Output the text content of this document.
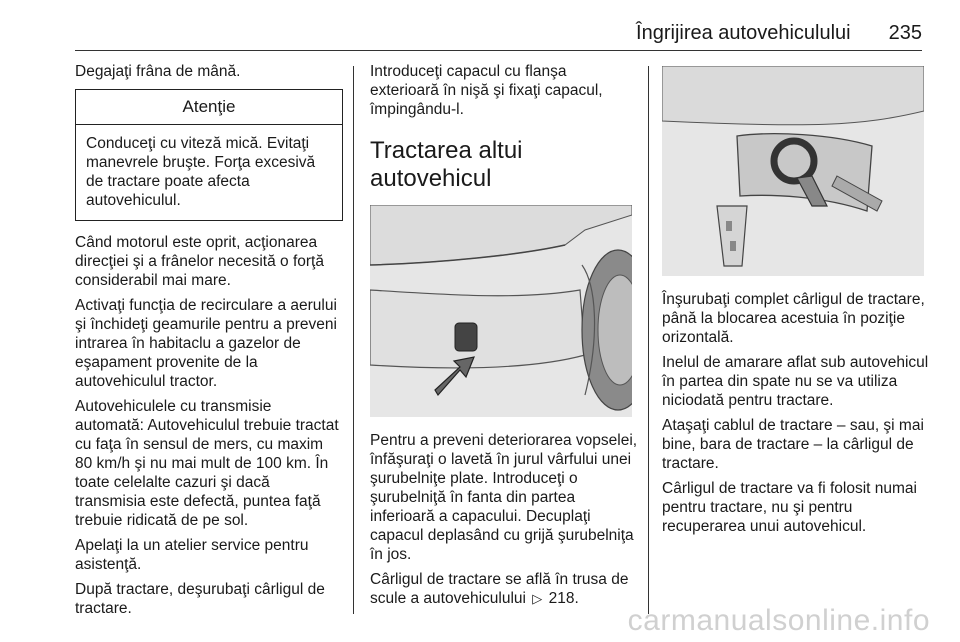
Îngrijirea autovehiculului 235

Degajaţi frâna de mână.

Atenţie
Conduceţi cu viteză mică. Evitaţi manevrele bruşte. Forţa excesivă de tractare poate afecta autovehiculul.

Când motorul este oprit, acţionarea direcţiei şi a frânelor necesită o forţă considerabil mai mare.

Activaţi funcţia de recirculare a aerului şi închideţi geamurile pentru a preveni intrarea în habitaclu a gazelor de eşapament provenite de la autovehiculul tractor.

Autovehiculele cu transmisie automată: Autovehiculul trebuie tractat cu faţa în sensul de mers, cu maxim 80 km/h şi nu mai mult de 100 km. În toate celelalte cazuri şi dacă transmisia este defectă, puntea faţă trebuie ridicată de pe sol.

Apelaţi la un atelier service pentru asistenţă.

După tractare, deşurubaţi cârligul de tractare.

Introduceţi capacul cu flanşa exterioară în nişă şi fixaţi capacul, împingându-l.

Tractarea altui autovehicul

Pentru a preveni deteriorarea vopselei, înfăşuraţi o lavetă în jurul vârfului unei şurubelniţe plate. Introduceţi o şurubelniţă în fanta din partea inferioară a capacului. Decuplaţi capacul deplasând cu grijă şurubelniţa în jos.

Cârligul de tractare se află în trusa de scule a autovehiculului ▷ 218.

Înşurubaţi complet cârligul de tractare, până la blocarea acestuia în poziţie orizontală.

Inelul de amarare aflat sub autovehicul în partea din spate nu se va utiliza niciodată pentru tractare.

Ataşaţi cablul de tractare – sau, şi mai bine, bara de tractare – la cârligul de tractare.

Cârligul de tractare va fi folosit numai pentru tractare, nu şi pentru recuperarea unui autovehicul.

carmanualsonline.info
